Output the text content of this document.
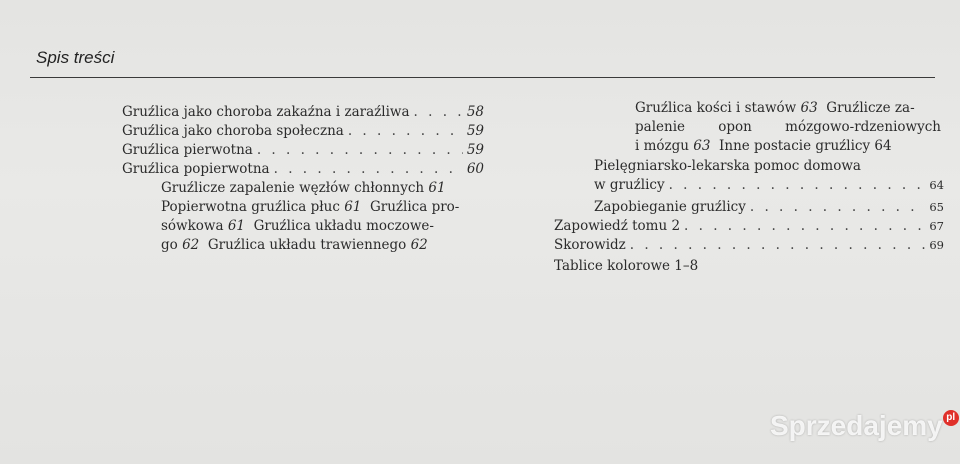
Spis treści
Gruźlica jako choroba zakaźna i zaraźliwa . . .	58
Gruźlica jako choroba społeczna . . .	59
Gruźlica pierwotna . . .	59
Gruźlica popierwotna . . .	60
Gruźlicze zapalenie węzłów chłonnych 61
Popierwotna gruźlica płuc 61  Gruźlica pro-
sówkowa 61  Gruźlica układu moczowe-
go 62  Gruźlica układu trawiennego 62
Gruźlica kości i stawów 63  Gruźlicze za-
palenie opon mózgowo-rdzeniowych
i mózgu 63  Inne postacie gruźlicy 64
Pielęgniarsko-lekarska pomoc domowa
w gruźlicy . . .	64
Zapobieganie gruźlicy . . .	65
Zapowiedź tomu 2 . . .	67
Skorowidz . . .	69
Tablice kolorowe 1–8
Sprzedajemy pl
